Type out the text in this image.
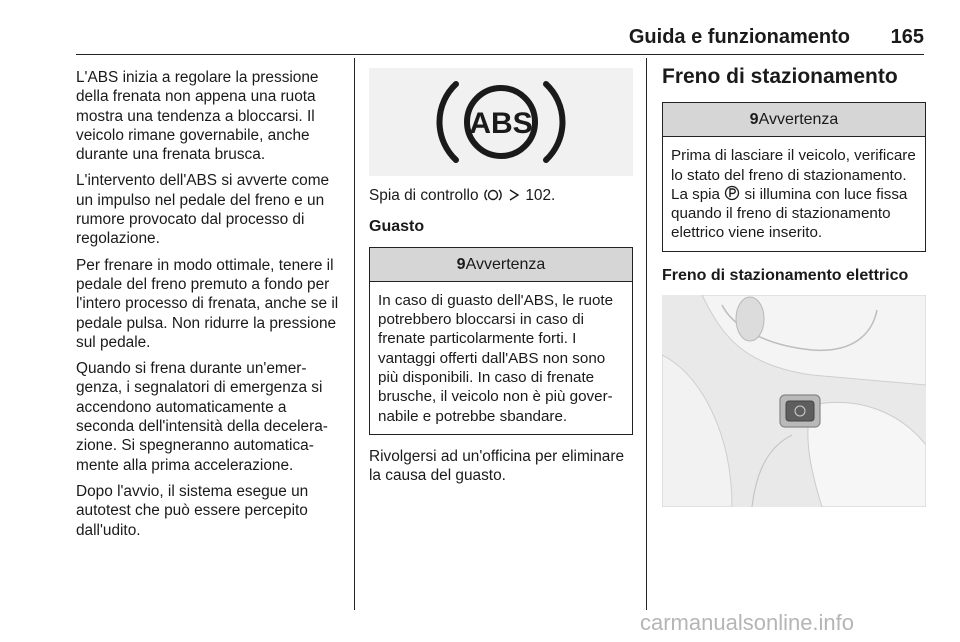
Guida e funzionamento	165

L'ABS inizia a regolare la pressione della frenata non appena una ruota mostra una tendenza a bloccarsi. Il veicolo rimane governabile, anche durante una frenata brusca.

L'intervento dell'ABS si avverte come un impulso nel pedale del freno e un rumore provocato dal processo di regolazione.

Per frenare in modo ottimale, tenere il pedale del freno premuto a fondo per l'intero processo di frenata, anche se il pedale pulsa. Non ridurre la pressione sul pedale.

Quando si frena durante un'emergenza, i segnalatori di emergenza si accendono automaticamente a seconda dell'intensità della decelerazione. Si spegneranno automaticamente alla prima accelerazione.

Dopo l'avvio, il sistema esegue un autotest che può essere percepito dall'udito.

ABS
Spia di controllo	102.
Guasto
9Avvertenza
In caso di guasto dell'ABS, le ruote potrebbero bloccarsi in caso di frenate particolarmente forti. I vantaggi offerti dall'ABS non sono più disponibili. In caso di frenate brusche, il veicolo non è più governabile e potrebbe sbandare.

Rivolgersi ad un'officina per eliminare la causa del guasto.

Freno di stazionamento
9Avvertenza
Prima di lasciare il veicolo, verificare lo stato del freno di stazionamento. La spia si illumina con luce fissa quando il freno di stazionamento elettrico viene inserito.
Freno di stazionamento elettrico
carmanualsonline.info
